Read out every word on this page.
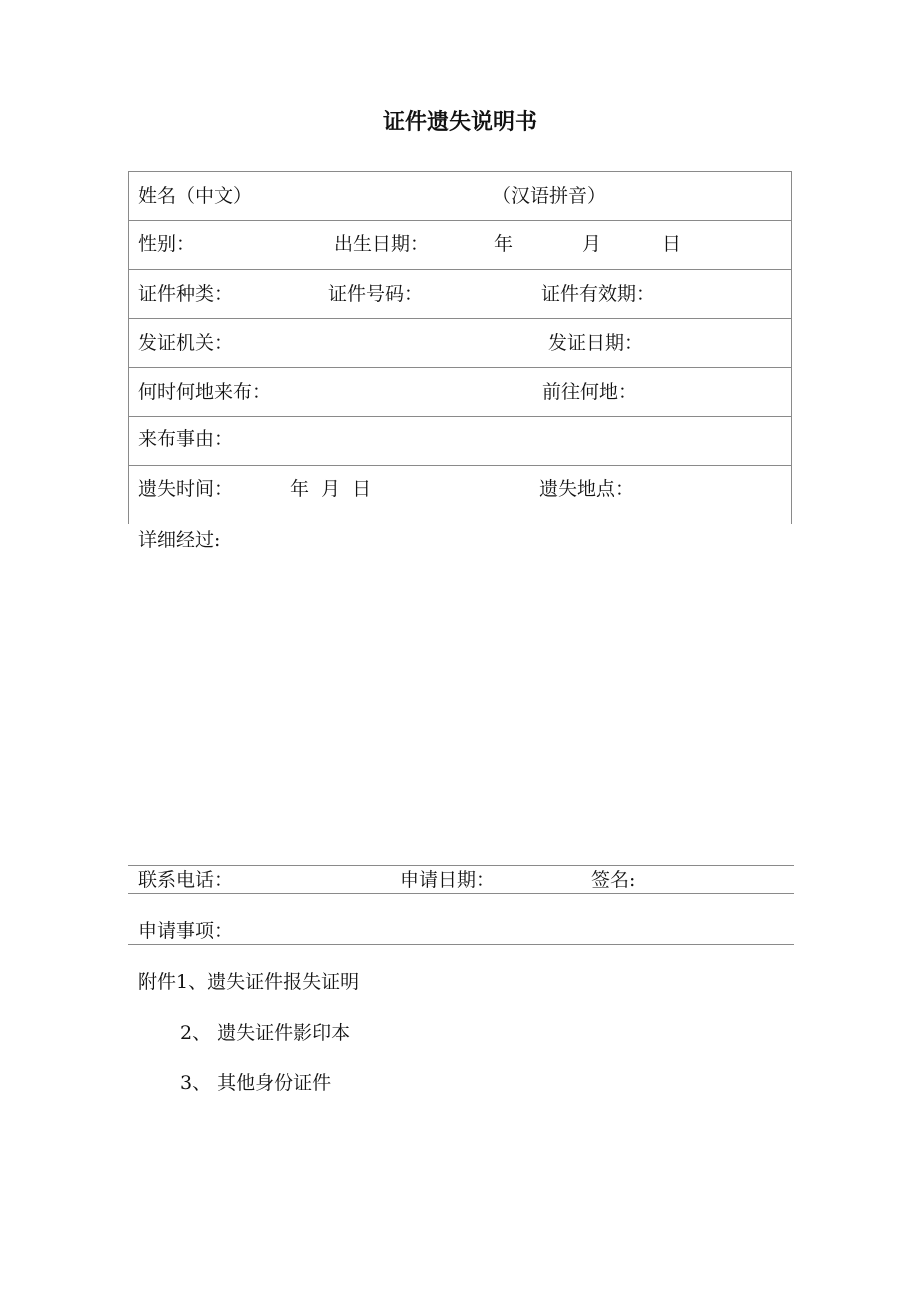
证件遗失说明书
姓名（中文）	（汉语拼音）
性别：	出生日期：	年	月	日
证件种类：	证件号码：	证件有效期：
发证机关：	发证日期：
何时何地来布：	前往何地：
来布事由：
遗失时间：	年  月  日	遗失地点：
详细经过:
联系电话：	申请日期：	签名:
申请事项：
附件1、遗失证件报失证明
2、 遗失证件影印本
3、 其他身份证件
